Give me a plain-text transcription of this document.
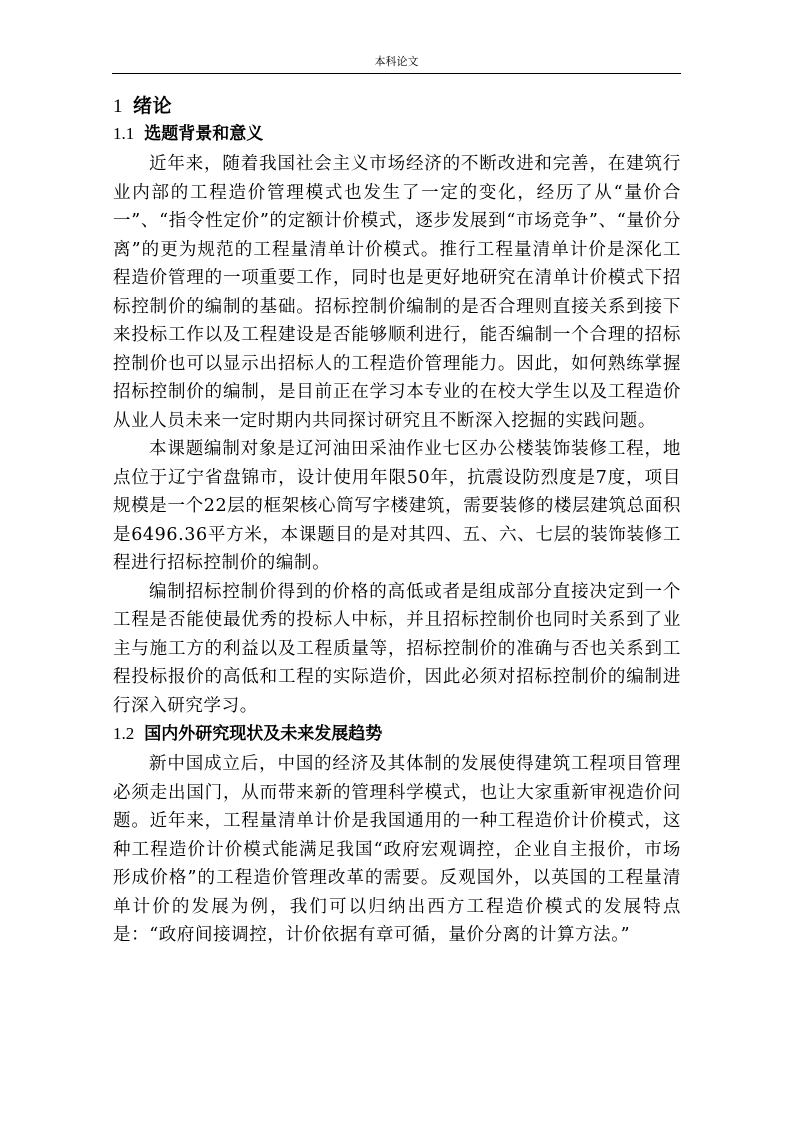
本科论文
1 绪论
1.1 选题背景和意义

近年来，随着我国社会主义市场经济的不断改进和完善，在建筑行业内部的工程造价管理模式也发生了一定的变化，经历了从“量价合一”、“指令性定价”的定额计价模式，逐步发展到“市场竞争”、“量价分离”的更为规范的工程量清单计价模式。推行工程量清单计价是深化工程造价管理的一项重要工作，同时也是更好地研究在清单计价模式下招标控制价的编制的基础。招标控制价编制的是否合理则直接关系到接下来投标工作以及工程建设是否能够顺利进行，能否编制一个合理的招标控制价也可以显示出招标人的工程造价管理能力。因此，如何熟练掌握招标控制价的编制，是目前正在学习本专业的在校大学生以及工程造价从业人员未来一定时期内共同探讨研究且不断深入挖掘的实践问题。

本课题编制对象是辽河油田采油作业七区办公楼装饰装修工程，地点位于辽宁省盘锦市，设计使用年限50年，抗震设防烈度是7度，项目规模是一个22层的框架核心筒写字楼建筑，需要装修的楼层建筑总面积是6496.36平方米，本课题目的是对其四、五、六、七层的装饰装修工程进行招标控制价的编制。

编制招标控制价得到的价格的高低或者是组成部分直接决定到一个工程是否能使最优秀的投标人中标，并且招标控制价也同时关系到了业主与施工方的利益以及工程质量等，招标控制价的准确与否也关系到工程投标报价的高低和工程的实际造价，因此必须对招标控制价的编制进行深入研究学习。

1.2 国内外研究现状及未来发展趋势

新中国成立后，中国的经济及其体制的发展使得建筑工程项目管理必须走出国门，从而带来新的管理科学模式，也让大家重新审视造价问题。近年来，工程量清单计价是我国通用的一种工程造价计价模式，这种工程造价计价模式能满足我国“政府宏观调控，企业自主报价，市场形成价格”的工程造价管理改革的需要。反观国外，以英国的工程量清单计价的发展为例，我们可以归纳出西方工程造价模式的发展特点是：“政府间接调控，计价依据有章可循，量价分离的计算方法。”
